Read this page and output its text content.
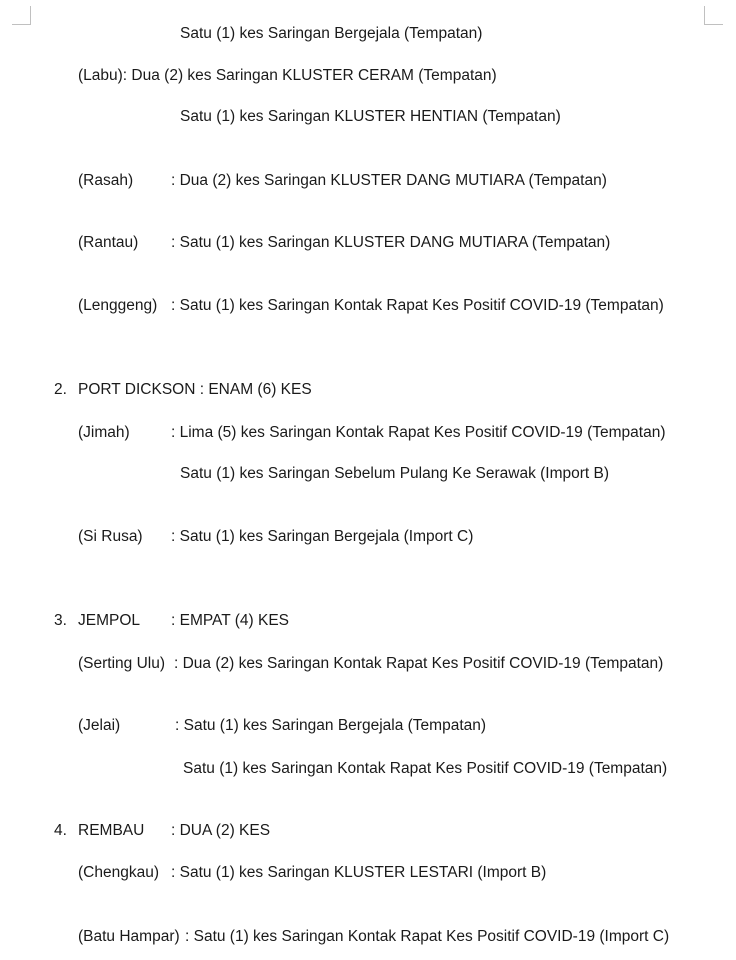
Satu (1) kes Saringan Bergejala (Tempatan)
(Labu): Dua (2) kes Saringan KLUSTER CERAM (Tempatan)
Satu (1) kes Saringan KLUSTER HENTIAN (Tempatan)
(Rasah) : Dua (2) kes Saringan KLUSTER DANG MUTIARA (Tempatan)
(Rantau) : Satu (1) kes Saringan KLUSTER DANG MUTIARA (Tempatan)
(Lenggeng) : Satu (1) kes Saringan Kontak Rapat Kes Positif COVID-19 (Tempatan)
2. PORT DICKSON : ENAM (6) KES
(Jimah)	: Lima (5) kes Saringan Kontak Rapat Kes Positif COVID-19 (Tempatan)
Satu (1) kes Saringan Sebelum Pulang Ke Serawak (Import B)
(Si Rusa) : Satu (1) kes Saringan Bergejala (Import C)
3. JEMPOL : EMPAT (4) KES
(Serting Ulu) : Dua (2) kes Saringan Kontak Rapat Kes Positif COVID-19 (Tempatan)
(Jelai)	: Satu (1) kes Saringan Bergejala (Tempatan)
Satu (1) kes Saringan Kontak Rapat Kes Positif COVID-19 (Tempatan)
4. REMBAU : DUA (2) KES
(Chengkau) : Satu (1) kes Saringan KLUSTER LESTARI (Import B)
(Batu Hampar) : Satu (1) kes Saringan Kontak Rapat Kes Positif COVID-19 (Import C)
